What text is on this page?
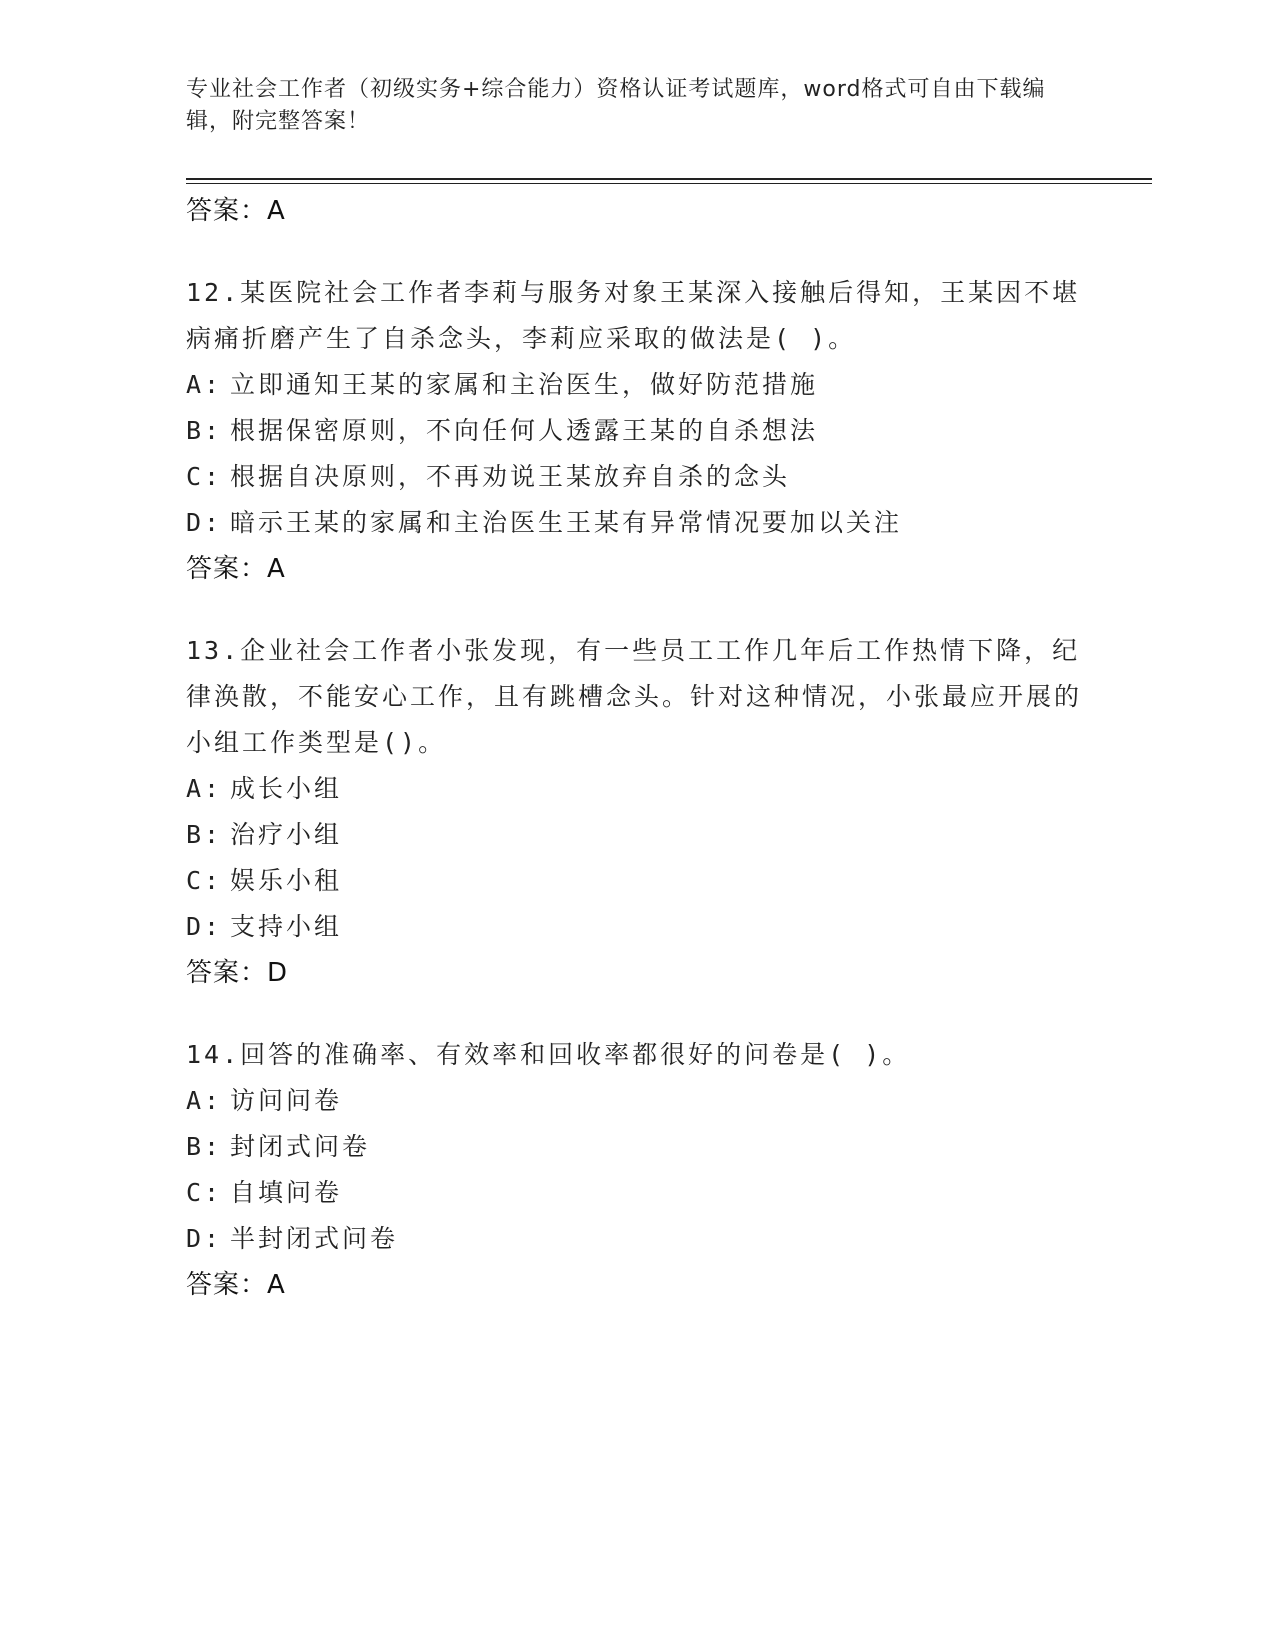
专业社会工作者（初级实务+综合能力）资格认证考试题库，word格式可自由下载编辑，附完整答案！
答案：A
12.某医院社会工作者李莉与服务对象王某深入接触后得知，王某因不堪病痛折磨产生了自杀念头，李莉应采取的做法是( )。
A: 立即通知王某的家属和主治医生，做好防范措施
B: 根据保密原则，不向任何人透露王某的自杀想法
C: 根据自决原则，不再劝说王某放弃自杀的念头
D: 暗示王某的家属和主治医生王某有异常情况要加以关注
答案：A
13.企业社会工作者小张发现，有一些员工工作几年后工作热情下降，纪律涣散，不能安心工作，且有跳槽念头。针对这种情况，小张最应开展的小组工作类型是()。
A: 成长小组
B: 治疗小组
C: 娱乐小租
D: 支持小组
答案：D
14.回答的准确率、有效率和回收率都很好的问卷是( )。
A: 访问问卷
B: 封闭式问卷
C: 自填问卷
D: 半封闭式问卷
答案：A
